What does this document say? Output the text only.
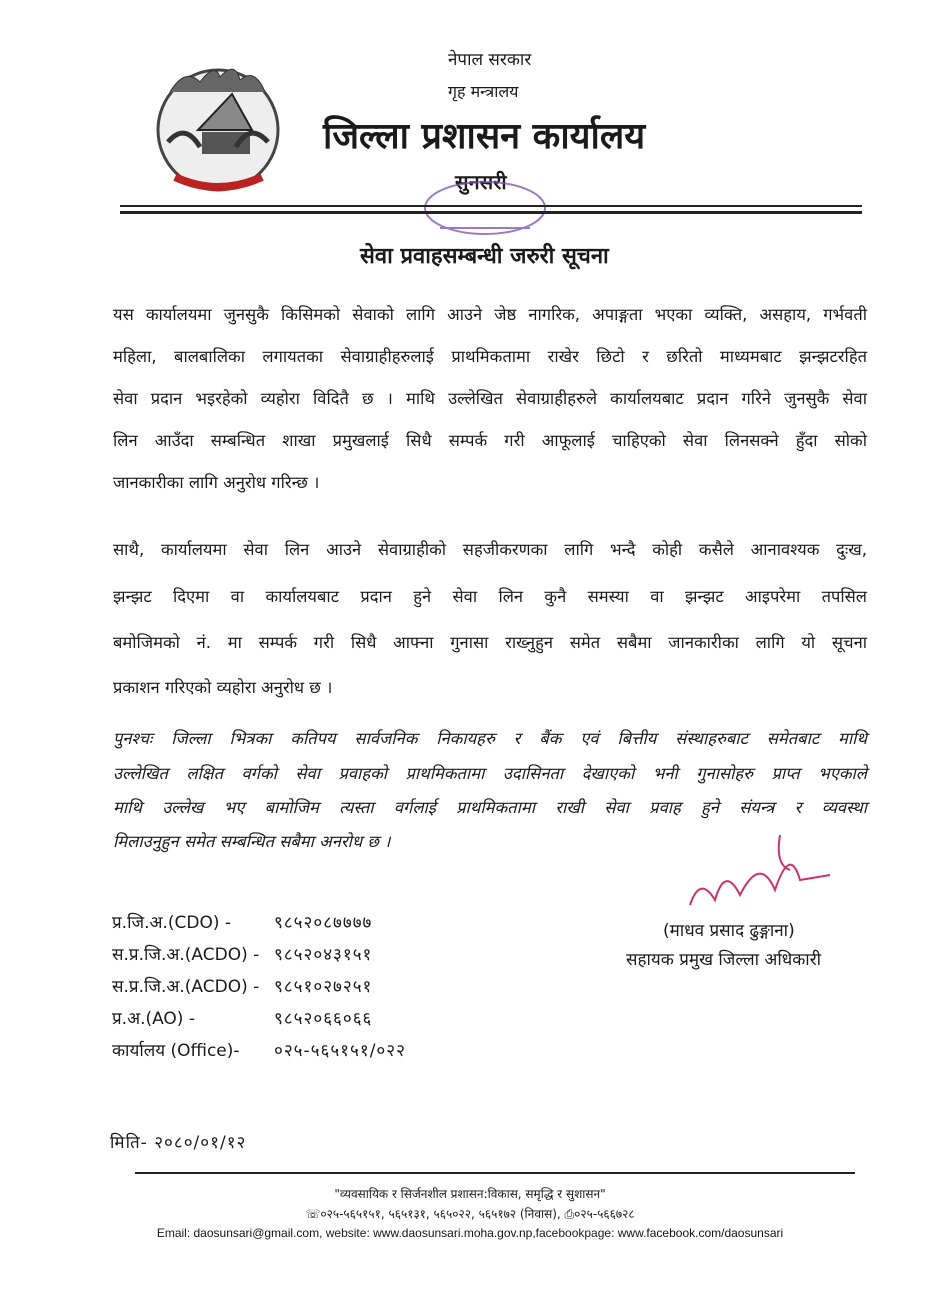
नेपाल सरकार
गृह मन्त्रालय
जिल्ला प्रशासन कार्यालय
सुनसरी
सेवा प्रवाहसम्बन्धी जरुरी सूचना
यस कार्यालयमा जुनसुकै किसिमको सेवाको लागि आउने जेष्ठ नागरिक, अपाङ्गता भएका व्यक्ति, असहाय, गर्भवती
महिला, बालबालिका लगायतका सेवाग्राहीहरुलाई प्राथमिकतामा राखेर छिटो र छरितो माध्यमबाट झन्झटरहित
सेवा प्रदान भइरहेको व्यहोरा विदितै छ । माथि उल्लेखित सेवाग्राहीहरुले कार्यालयबाट प्रदान गरिने जुनसुकै सेवा
लिन आउँदा सम्बन्धित शाखा प्रमुखलाई सिधै सम्पर्क गरी आफूलाई चाहिएको सेवा लिनसक्ने हुँदा सोको
जानकारीका लागि अनुरोध गरिन्छ ।
साथै, कार्यालयमा सेवा लिन आउने सेवाग्राहीको सहजीकरणका लागि भन्दै कोही कसैले आनावश्यक दुःख,
झन्झट दिएमा वा कार्यालयबाट प्रदान हुने सेवा लिन कुनै समस्या वा झन्झट आइपरेमा तपसिल
बमोजिमको नं. मा सम्पर्क गरी सिधै आफ्ना गुनासा राख्नुहुन समेत सबैमा जानकारीका लागि यो सूचना
प्रकाशन गरिएको व्यहोरा अनुरोध छ ।
पुनश्चः जिल्ला भित्रका कतिपय सार्वजनिक निकायहरु र बैंक एवं बित्तीय संस्थाहरुबाट समेतबाट माथि
उल्लेखित लक्षित वर्गको सेवा प्रवाहको प्राथमिकतामा उदासिनता देखाएको भनी गुनासोहरु प्राप्त भएकाले
माथि उल्लेख भए बामोजिम त्यस्ता वर्गलाई प्राथमिकतामा राखी सेवा प्रवाह हुने संयन्त्र र व्यवस्था
मिलाउनुहुन समेत सम्बन्धित सबैमा अनरोध छ ।
(माधव प्रसाद ढुङ्गाना)
सहायक प्रमुख जिल्ला अधिकारी
प्र.जि.अ.(CDO) -	९८५२०८७७७७
स.प्र.जि.अ.(ACDO) - ९८५२०४३१५१
स.प्र.जि.अ.(ACDO) - ९८५१०२७२५१
प्र.अ.(AO) -	९८५२०६६०६६
कार्यालय (Office)- ०२५-५६५१५१/०२२
मिति- २०८०/०१/१२
"व्यवसायिक र सिर्जनशील प्रशासन:विकास, समृद्धि र सुशासन"
☏०२५-५६५१५१, ५६५१३१, ५६५०२२, ५६५१७२ (निवास), ⎙०२५-५६६७२८
Email: daosunsari@gmail.com, website: www.daosunsari.moha.gov.np,facebookpage: www.facebook.com/daosunsari
